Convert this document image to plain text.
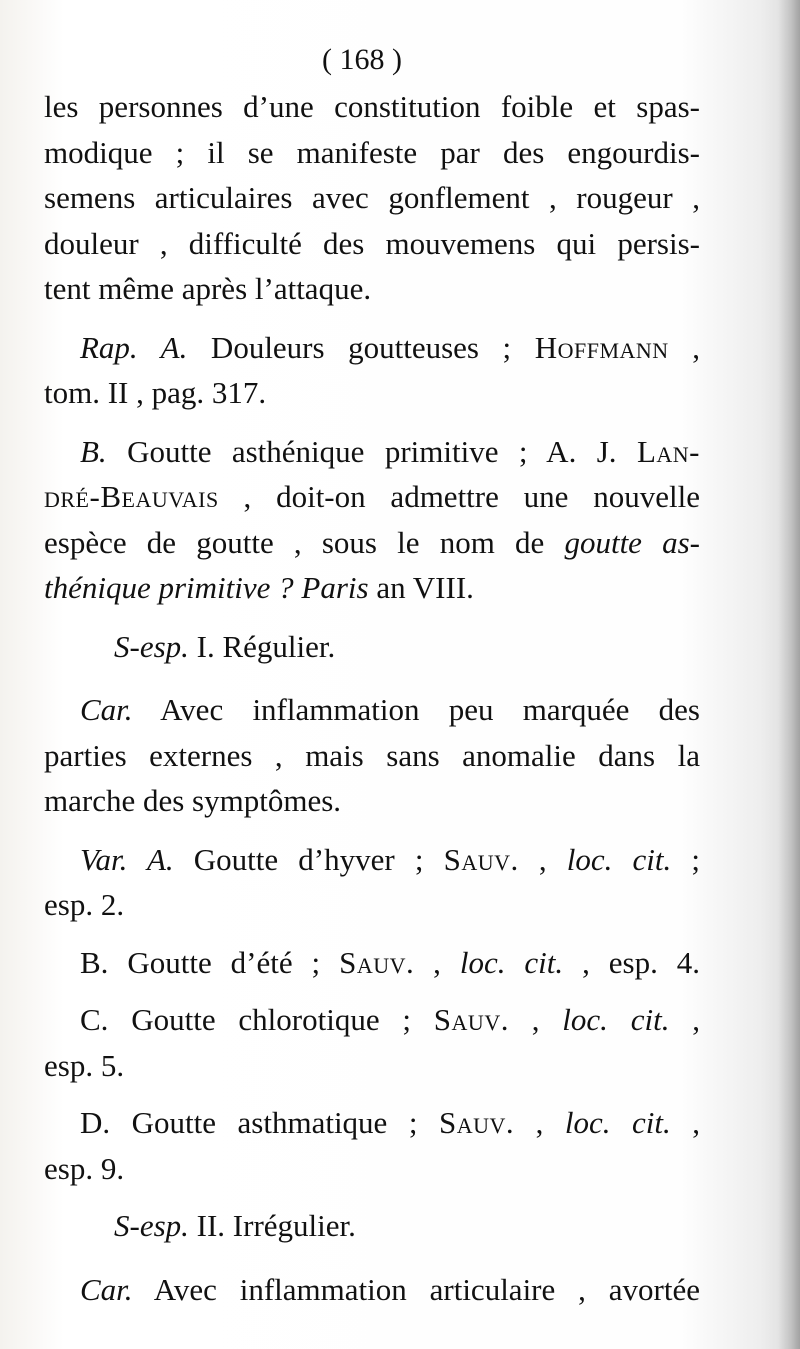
( 168 )
les personnes d’une constitution foible et spas-
modique ; il se manifeste par des engourdis-
semens articulaires avec gonflement , rougeur ,
douleur , difficulté des mouvemens qui persis-
tent même après l’attaque.
Rap. A. Douleurs goutteuses ; Hoffmann ,
tom. II , pag. 317.
B. Goutte asthénique primitive ; A. J. Lan-
dré-Beauvais , doit-on admettre une nouvelle
espèce de goutte , sous le nom de goutte as-
thénique primitive ? Paris an VIII.
S-esp. I. Régulier.
Car. Avec inflammation peu marquée des
parties externes , mais sans anomalie dans la
marche des symptômes.
Var. A. Goutte d’hyver ; Sauv. , loc. cit. ;
esp. 2.
B. Goutte d’été ; Sauv. , loc. cit. , esp. 4.
C. Goutte chlorotique ; Sauv. , loc. cit. ,
esp. 5.
D. Goutte asthmatique ; Sauv. , loc. cit. ,
esp. 9.
S-esp. II. Irrégulier.
Car. Avec inflammation articulaire , avortée
